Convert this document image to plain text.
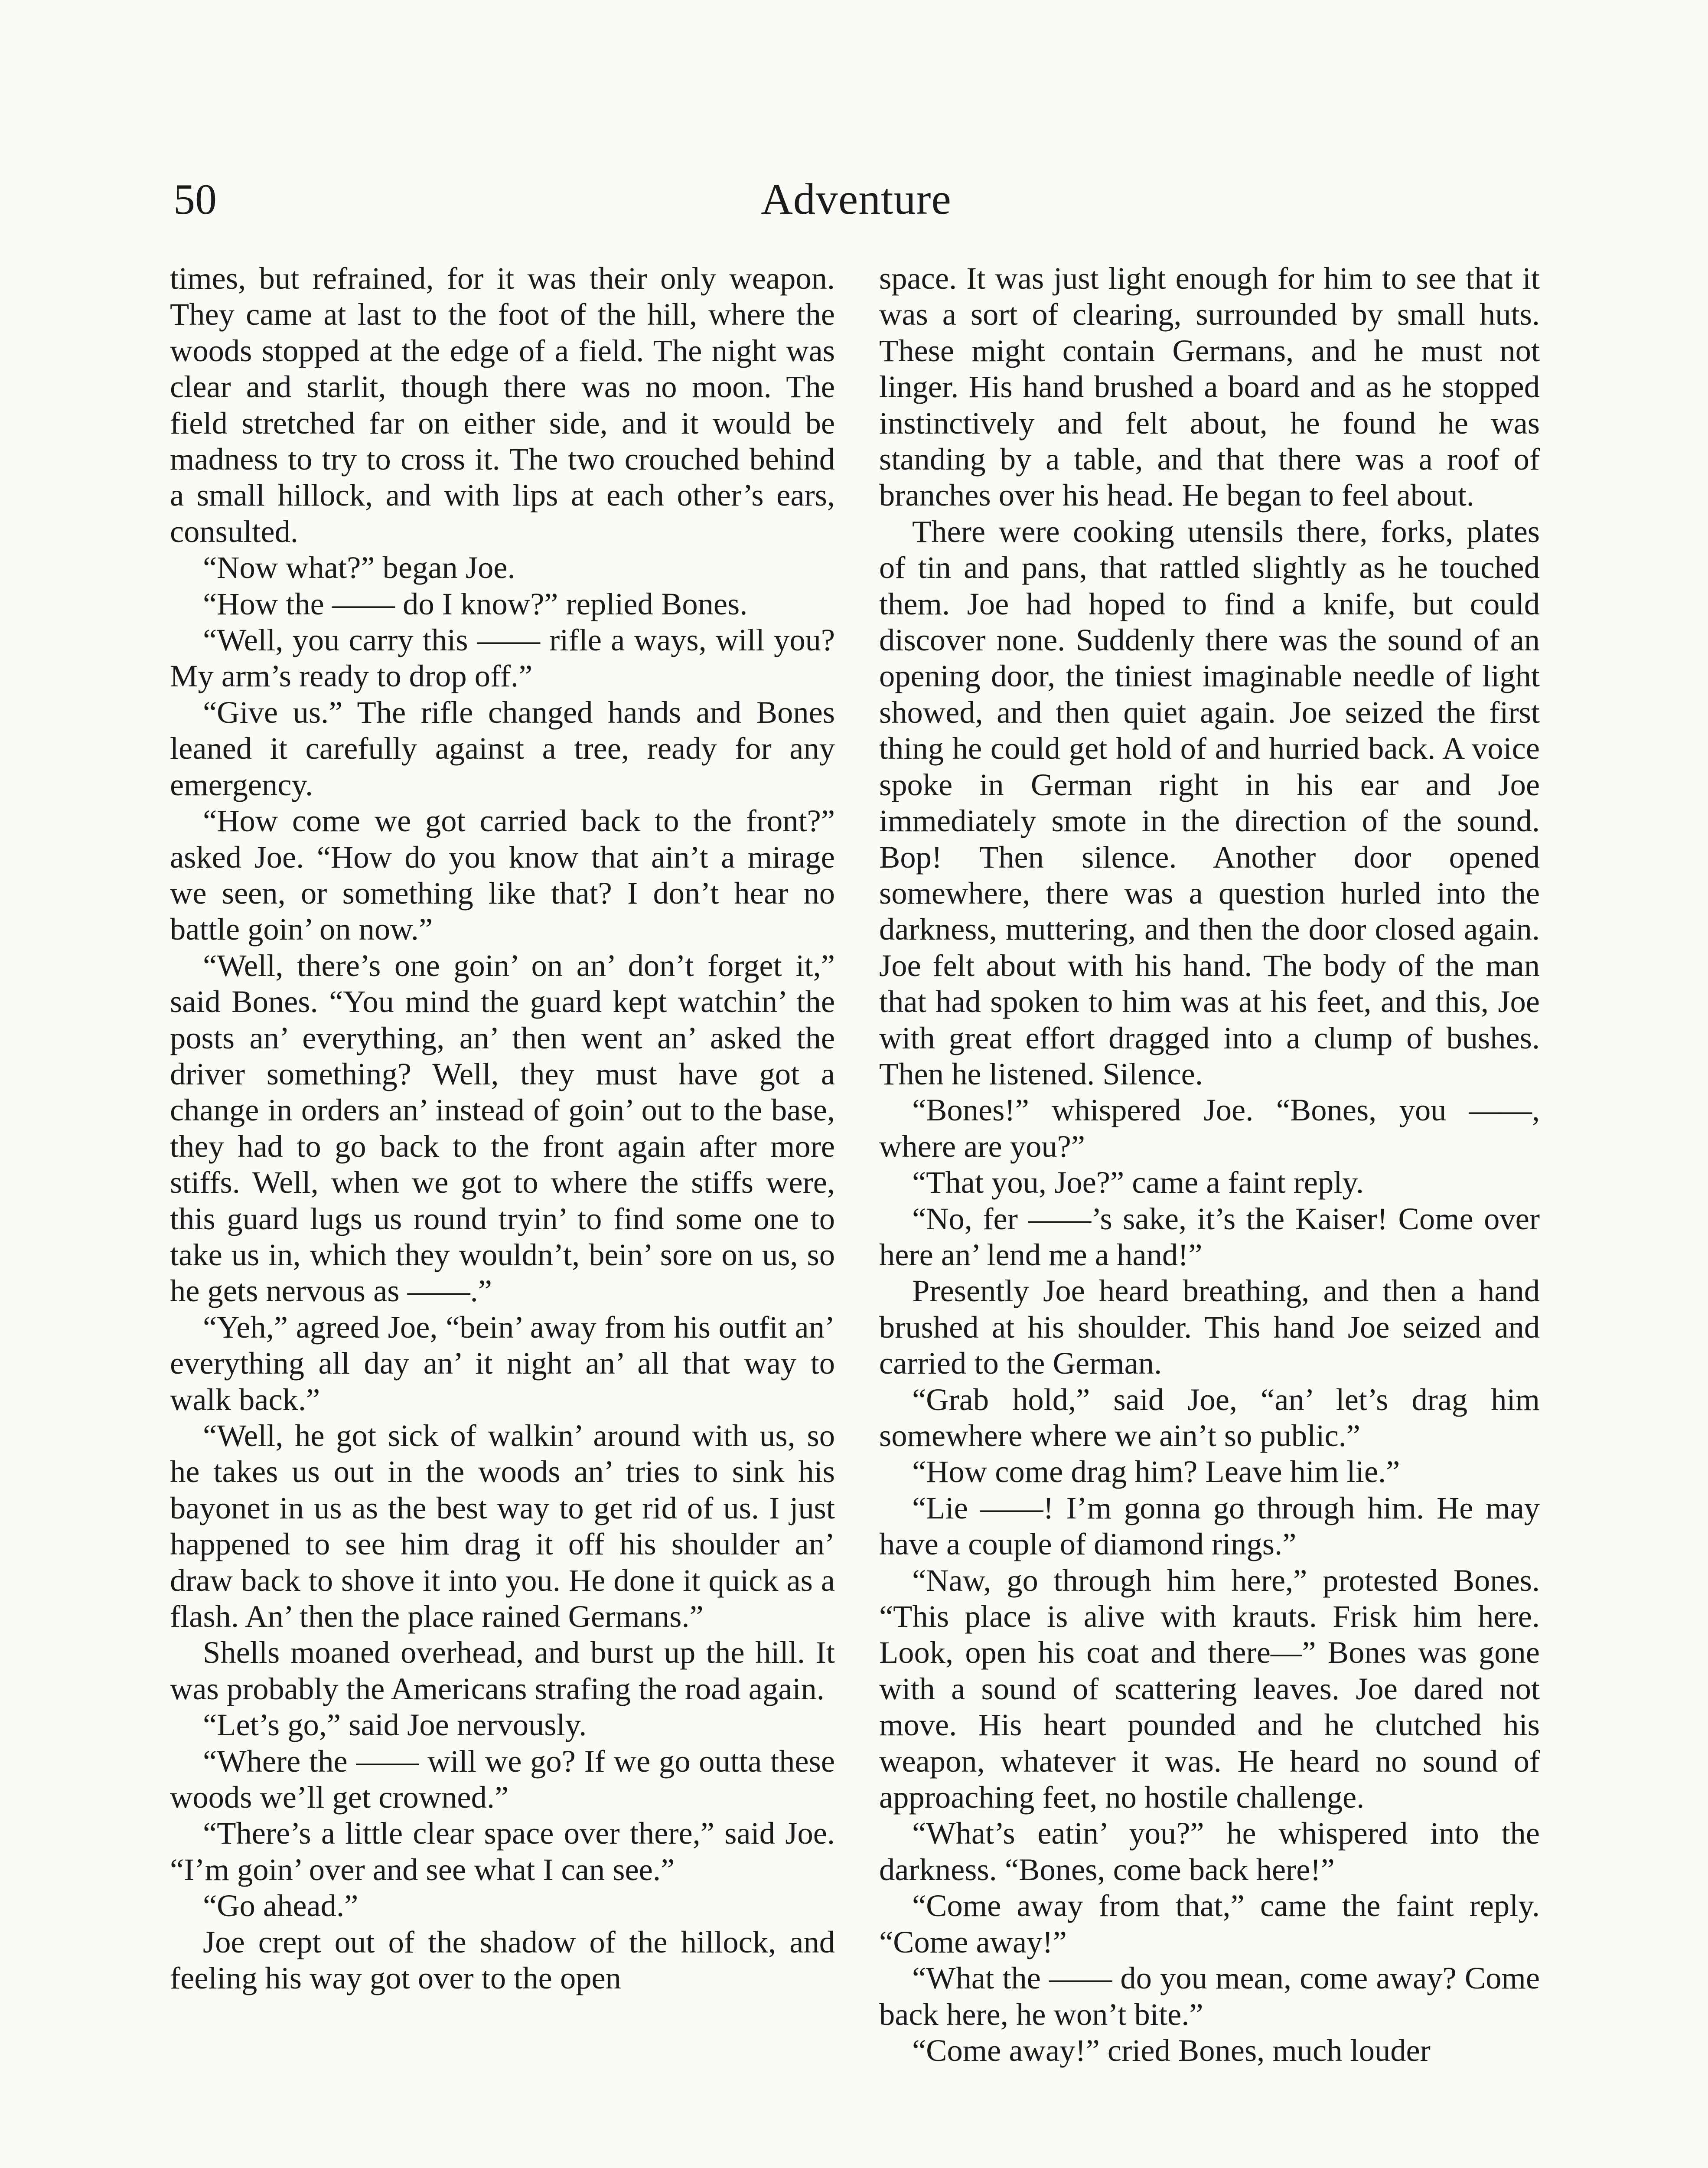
50	Adventure

times, but refrained, for it was their only weapon. They came at last to the foot of the hill, where the woods stopped at the edge of a field. The night was clear and starlit, though there was no moon. The field stretched far on either side, and it would be madness to try to cross it. The two crouched behind a small hillock, and with lips at each other’s ears, consulted.

“Now what?” began Joe.

“How the —— do I know?” replied Bones.

“Well, you carry this —— rifle a ways, will you? My arm’s ready to drop off.”

“Give us.” The rifle changed hands and Bones leaned it carefully against a tree, ready for any emergency.

“How come we got carried back to the front?” asked Joe. “How do you know that ain’t a mirage we seen, or something like that? I don’t hear no battle goin’ on now.”

“Well, there’s one goin’ on an’ don’t forget it,” said Bones. “You mind the guard kept watchin’ the posts an’ everything, an’ then went an’ asked the driver something? Well, they must have got a change in orders an’ instead of goin’ out to the base, they had to go back to the front again after more stiffs. Well, when we got to where the stiffs were, this guard lugs us round tryin’ to find some one to take us in, which they wouldn’t, bein’ sore on us, so he gets nervous as ——.”

“Yeh,” agreed Joe, “bein’ away from his outfit an’ everything all day an’ it night an’ all that way to walk back.”

“Well, he got sick of walkin’ around with us, so he takes us out in the woods an’ tries to sink his bayonet in us as the best way to get rid of us. I just happened to see him drag it off his shoulder an’ draw back to shove it into you. He done it quick as a flash. An’ then the place rained Germans.”

Shells moaned overhead, and burst up the hill. It was probably the Americans strafing the road again.

“Let’s go,” said Joe nervously.

“Where the —— will we go? If we go outta these woods we’ll get crowned.”

“There’s a little clear space over there,” said Joe. “I’m goin’ over and see what I can see.”

“Go ahead.”

Joe crept out of the shadow of the hillock, and feeling his way got over to the open

space. It was just light enough for him to see that it was a sort of clearing, surrounded by small huts. These might contain Germans, and he must not linger. His hand brushed a board and as he stopped instinctively and felt about, he found he was standing by a table, and that there was a roof of branches over his head. He began to feel about.

There were cooking utensils there, forks, plates of tin and pans, that rattled slightly as he touched them. Joe had hoped to find a knife, but could discover none. Suddenly there was the sound of an opening door, the tiniest imaginable needle of light showed, and then quiet again. Joe seized the first thing he could get hold of and hurried back. A voice spoke in German right in his ear and Joe immediately smote in the direction of the sound. Bop! Then silence. Another door opened somewhere, there was a question hurled into the darkness, muttering, and then the door closed again. Joe felt about with his hand. The body of the man that had spoken to him was at his feet, and this, Joe with great effort dragged into a clump of bushes. Then he listened. Silence.

“Bones!” whispered Joe. “Bones, you ——, where are you?”

“That you, Joe?” came a faint reply.

“No, fer ——’s sake, it’s the Kaiser! Come over here an’ lend me a hand!”

Presently Joe heard breathing, and then a hand brushed at his shoulder. This hand Joe seized and carried to the German.

“Grab hold,” said Joe, “an’ let’s drag him somewhere where we ain’t so public.”

“How come drag him? Leave him lie.”

“Lie ——! I’m gonna go through him. He may have a couple of diamond rings.”

“Naw, go through him here,” protested Bones. “This place is alive with krauts. Frisk him here. Look, open his coat and there—” Bones was gone with a sound of scattering leaves. Joe dared not move. His heart pounded and he clutched his weapon, whatever it was. He heard no sound of approaching feet, no hostile challenge.

“What’s eatin’ you?” he whispered into the darkness. “Bones, come back here!”

“Come away from that,” came the faint reply. “Come away!”

“What the —— do you mean, come away? Come back here, he won’t bite.”

“Come away!” cried Bones, much louder
